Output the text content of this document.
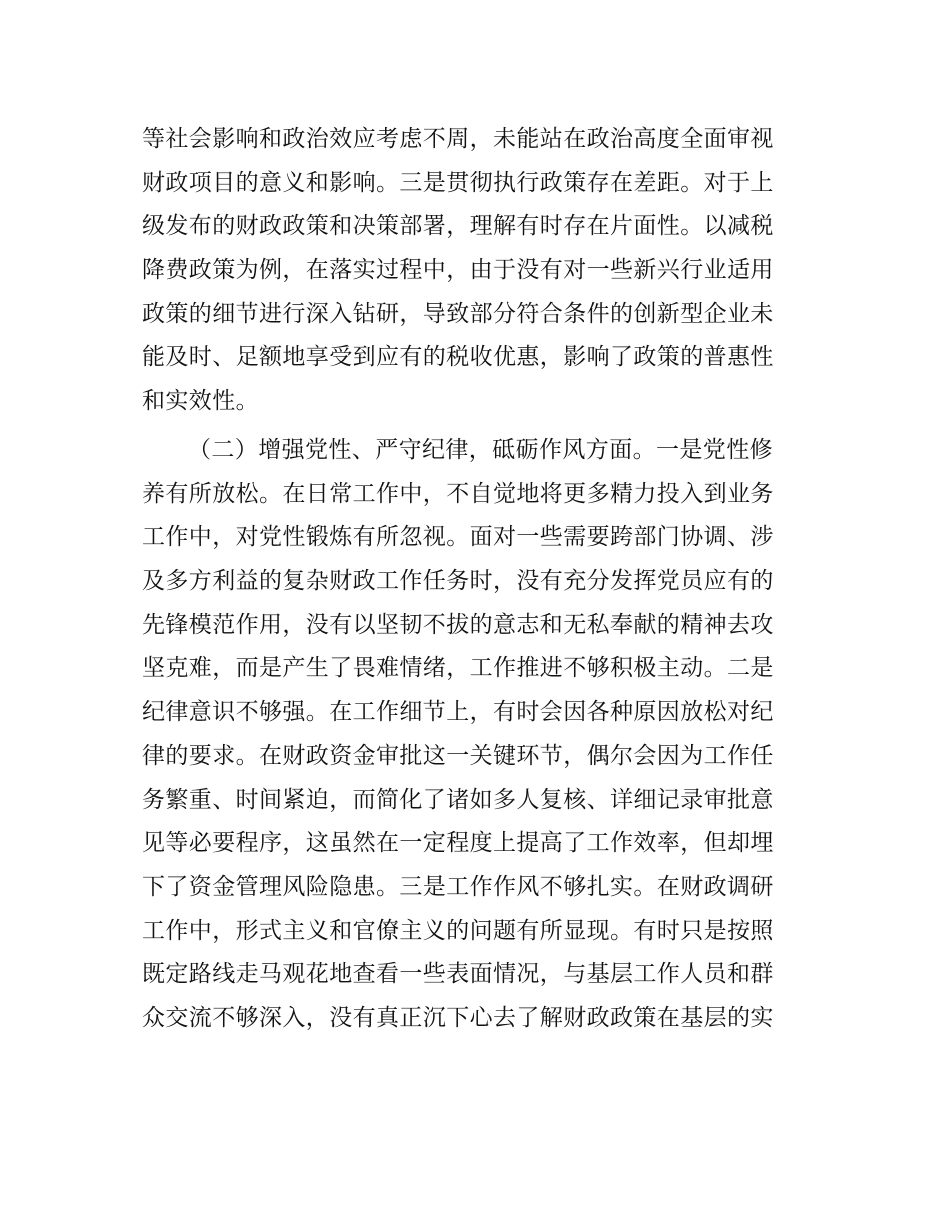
等社会影响和政治效应考虑不周，未能站在政治高度全面审视
财政项目的意义和影响。三是贯彻执行政策存在差距。对于上
级发布的财政政策和决策部署，理解有时存在片面性。以减税
降费政策为例，在落实过程中，由于没有对一些新兴行业适用
政策的细节进行深入钻研，导致部分符合条件的创新型企业未
能及时、足额地享受到应有的税收优惠，影响了政策的普惠性
和实效性。
（二）增强党性、严守纪律，砥砺作风方面。一是党性修
养有所放松。在日常工作中，不自觉地将更多精力投入到业务
工作中，对党性锻炼有所忽视。面对一些需要跨部门协调、涉
及多方利益的复杂财政工作任务时，没有充分发挥党员应有的
先锋模范作用，没有以坚韧不拔的意志和无私奉献的精神去攻
坚克难，而是产生了畏难情绪，工作推进不够积极主动。二是
纪律意识不够强。在工作细节上，有时会因各种原因放松对纪
律的要求。在财政资金审批这一关键环节，偶尔会因为工作任
务繁重、时间紧迫，而简化了诸如多人复核、详细记录审批意
见等必要程序，这虽然在一定程度上提高了工作效率，但却埋
下了资金管理风险隐患。三是工作作风不够扎实。在财政调研
工作中，形式主义和官僚主义的问题有所显现。有时只是按照
既定路线走马观花地查看一些表面情况，与基层工作人员和群
众交流不够深入，没有真正沉下心去了解财政政策在基层的实
